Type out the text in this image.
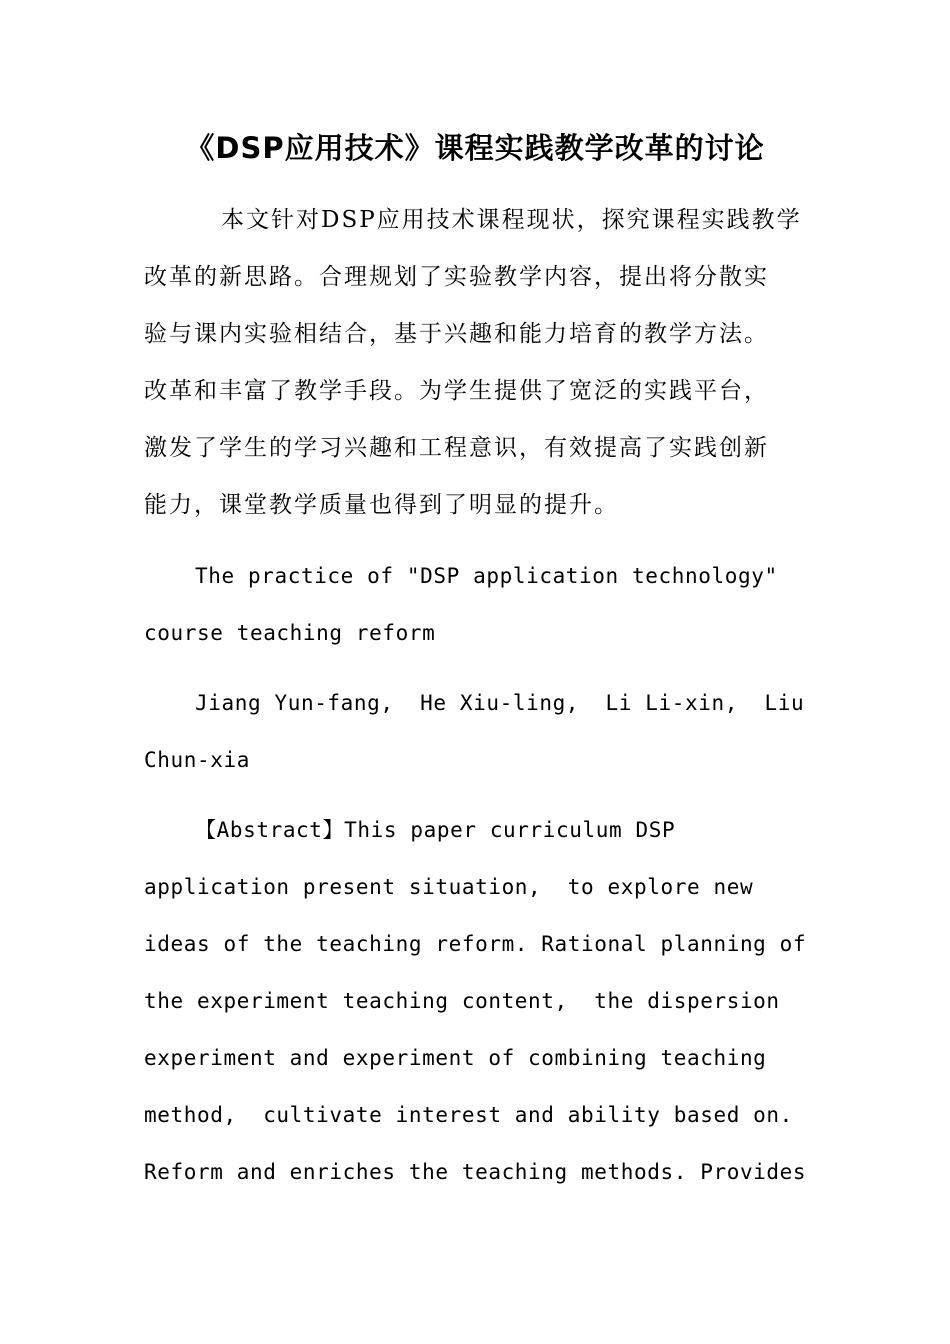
《DSP应用技术》课程实践教学改革的讨论
本文针对DSP应用技术课程现状，探究课程实践教学
改革的新思路。合理规划了实验教学内容，提出将分散实
验与课内实验相结合，基于兴趣和能力培育的教学方法。
改革和丰富了教学手段。为学生提供了宽泛的实践平台，
激发了学生的学习兴趣和工程意识，有效提高了实践创新
能力，课堂教学质量也得到了明显的提升。
The practice of "DSP application technology"
course teaching reform
Jiang Yun-fang,  He Xiu-ling,  Li Li-xin,  Liu
Chun-xia
【Abstract】This paper curriculum DSP
application present situation,  to explore new
ideas of the teaching reform. Rational planning of
the experiment teaching content,  the dispersion
experiment and experiment of combining teaching
method,  cultivate interest and ability based on.
Reform and enriches the teaching methods. Provides
